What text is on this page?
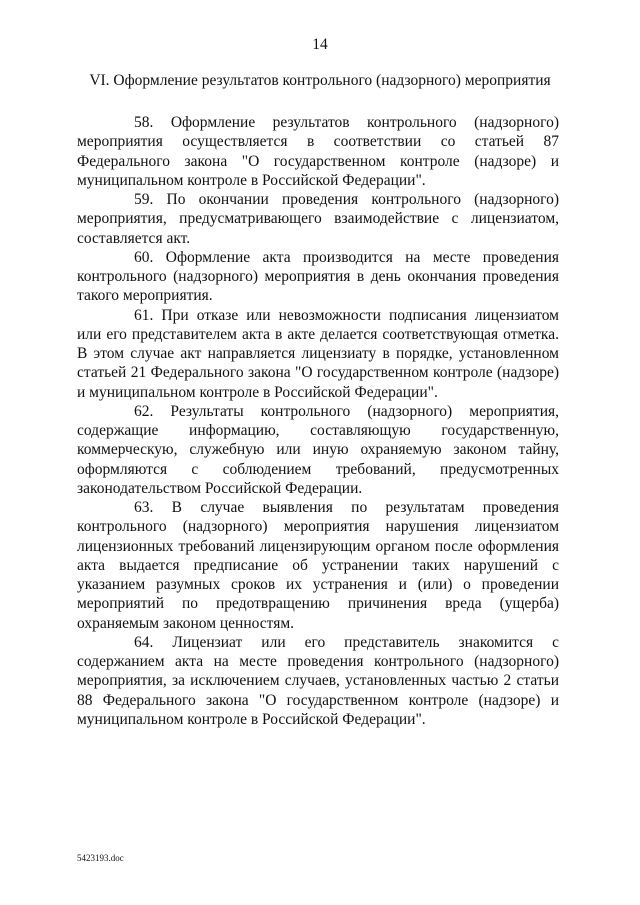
14
VI. Оформление результатов контрольного (надзорного) мероприятия

58. Оформление результатов контрольного (надзорного) мероприятия осуществляется в соответствии со статьей 87 Федерального закона "О государственном контроле (надзоре) и муниципальном контроле в Российской Федерации".

59. По окончании проведения контрольного (надзорного) мероприятия, предусматривающего взаимодействие с лицензиатом, составляется акт.

60. Оформление акта производится на месте проведения контрольного (надзорного) мероприятия в день окончания проведения такого мероприятия.

61. При отказе или невозможности подписания лицензиатом или его представителем акта в акте делается соответствующая отметка. В этом случае акт направляется лицензиату в порядке, установленном статьей 21 Федерального закона "О государственном контроле (надзоре) и муниципальном контроле в Российской Федерации".

62. Результаты контрольного (надзорного) мероприятия, содержащие информацию, составляющую государственную, коммерческую, служебную или иную охраняемую законом тайну, оформляются с соблюдением требований, предусмотренных законодательством Российской Федерации.

63. В случае выявления по результатам проведения контрольного (надзорного) мероприятия нарушения лицензиатом лицензионных требований лицензирующим органом после оформления акта выдается предписание об устранении таких нарушений с указанием разумных сроков их устранения и (или) о проведении мероприятий по предотвращению причинения вреда (ущерба) охраняемым законом ценностям.

64. Лицензиат или его представитель знакомится с содержанием акта на месте проведения контрольного (надзорного) мероприятия, за исключением случаев, установленных частью 2 статьи 88 Федерального закона "О государственном контроле (надзоре) и муниципальном контроле в Российской Федерации".

5423193.doc
